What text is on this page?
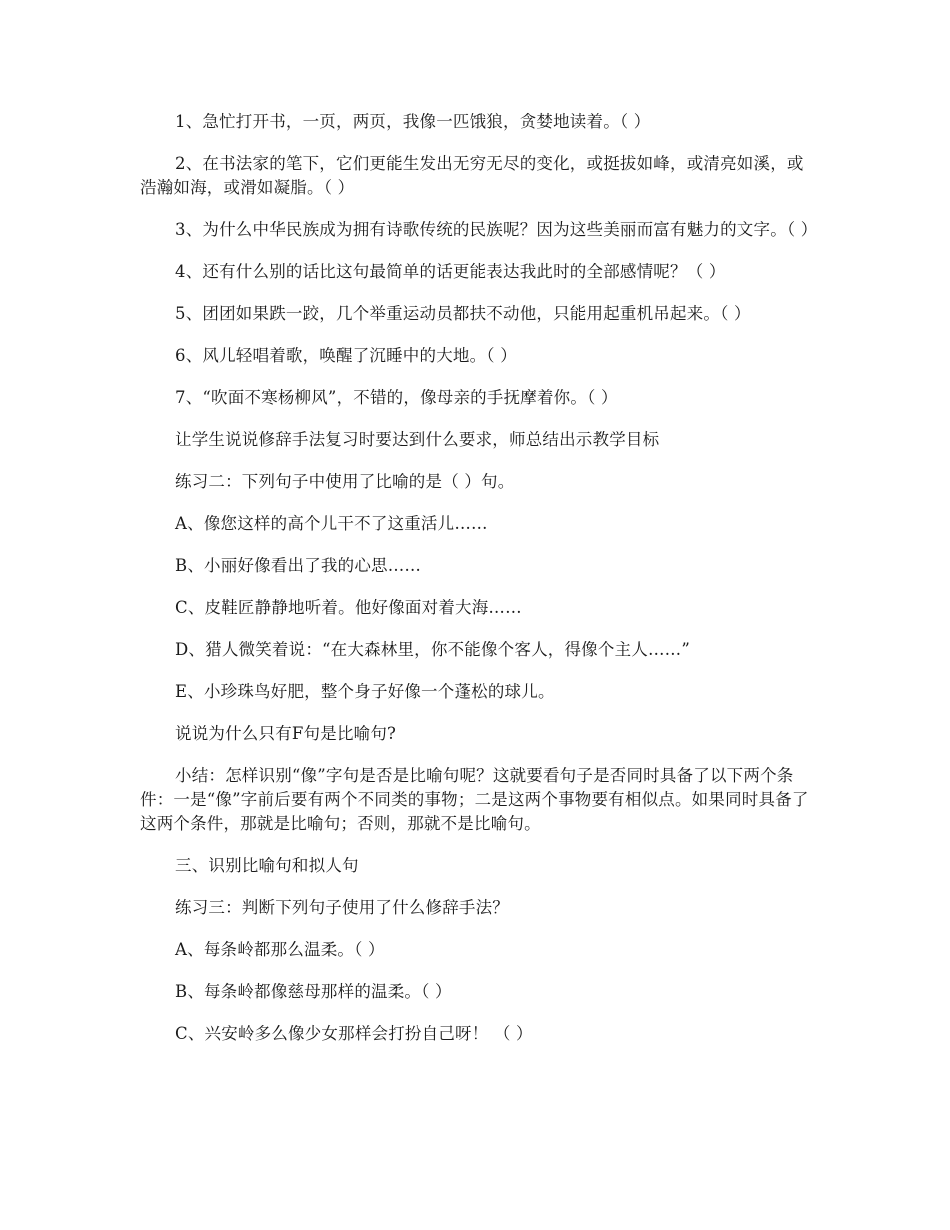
1、急忙打开书，一页，两页，我像一匹饿狼，贪婪地读着。（ ）

2、在书法家的笔下，它们更能生发出无穷无尽的变化，或挺拔如峰，或清亮如溪，或浩瀚如海，或滑如凝脂。（ ）

3、为什么中华民族成为拥有诗歌传统的民族呢？因为这些美丽而富有魅力的文字。（ ）

4、还有什么别的话比这句最简单的话更能表达我此时的全部感情呢？（ ）

5、团团如果跌一跤，几个举重运动员都扶不动他，只能用起重机吊起来。（ ）

6、风儿轻唱着歌，唤醒了沉睡中的大地。（ ）

7、“吹面不寒杨柳风”，不错的，像母亲的手抚摩着你。（ ）

让学生说说修辞手法复习时要达到什么要求，师总结出示教学目标

练习二：下列句子中使用了比喻的是（ ）句。

A、像您这样的高个儿干不了这重活儿……

B、小丽好像看出了我的心思……

C、皮鞋匠静静地听着。他好像面对着大海……

D、猎人微笑着说：“在大森林里，你不能像个客人，得像个主人……”

E、小珍珠鸟好肥，整个身子好像一个蓬松的球儿。

说说为什么只有F句是比喻句?

小结：怎样识别“像”字句是否是比喻句呢？这就要看句子是否同时具备了以下两个条件：一是“像”字前后要有两个不同类的事物；二是这两个事物要有相似点。如果同时具备了这两个条件，那就是比喻句；否则，那就不是比喻句。

三、识别比喻句和拟人句

练习三：判断下列句子使用了什么修辞手法？

A、每条岭都那么温柔。（ ）

B、每条岭都像慈母那样的温柔。（ ）

C、兴安岭多么像少女那样会打扮自己呀！ （ ）
